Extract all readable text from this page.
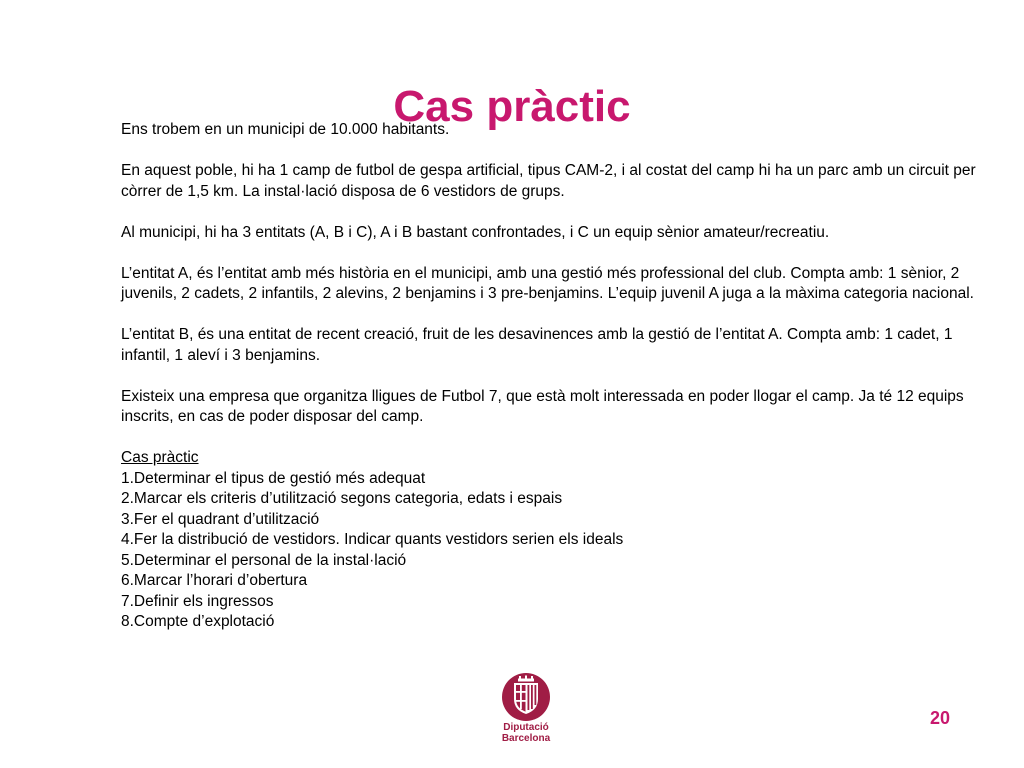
Cas pràctic

Ens trobem en un municipi de 10.000 habitants.

En aquest poble, hi ha 1 camp de futbol de gespa artificial, tipus CAM-2, i al costat del camp hi ha un parc amb un circuit per còrrer de 1,5 km. La instal·lació disposa de 6 vestidors de grups.

Al municipi, hi ha 3 entitats (A, B i C), A i B bastant confrontades, i C un equip sènior amateur/recreatiu.

L’entitat A, és l’entitat amb més història en el municipi, amb una gestió més professional del club. Compta amb: 1 sènior, 2 juvenils, 2 cadets, 2 infantils, 2 alevins, 2 benjamins i 3 pre-benjamins. L’equip juvenil A juga a la màxima categoria nacional.

L’entitat B, és una entitat de recent creació, fruit de les desavinences amb la gestió de l’entitat A. Compta amb: 1 cadet, 1 infantil, 1 aleví i 3 benjamins.

Existeix una empresa que organitza lligues de Futbol 7, que està molt interessada en poder llogar el camp. Ja té 12 equips inscrits, en cas de poder disposar del camp.

Cas pràctic

1.Determinar el tipus de gestió més adequat
2.Marcar els criteris d’utilització segons categoria, edats i espais
3.Fer el quadrant d’utilització
4.Fer la distribució de vestidors. Indicar quants vestidors serien els ideals
5.Determinar el personal de la instal·lació
6.Marcar l’horari d’obertura
7.Definir els ingressos
8.Compte d’explotació
Diputació
Barcelona
20
